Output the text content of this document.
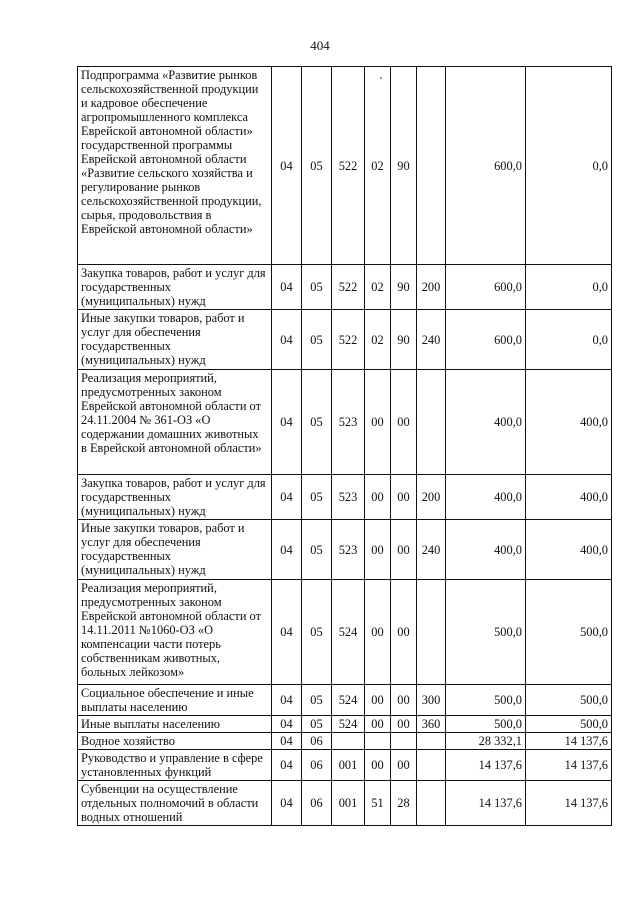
404
Подпрограмма «Развитие рынков сельскохозяйственной продукции и кадровое обеспечение агропромышленного комплекса Еврейской автономной области» государственной программы Еврейской автономной области «Развитие сельского хозяйства и регулирование рынков сельскохозяйственной продукции, сырья, продовольствия в Еврейской автономной области»	04	05	522	02	90		600,0	0,0
Закупка товаров, работ и услуг для государственных (муниципальных) нужд	04	05	522	02	90	200	600,0	0,0
Иные закупки товаров, работ и услуг для обеспечения государственных (муниципальных) нужд	04	05	522	02	90	240	600,0	0,0
Реализация мероприятий, предусмотренных законом Еврейской автономной области от 24.11.2004 № 361-ОЗ «О содержании домашних животных в Еврейской автономной области»	04	05	523	00	00		400,0	400,0
Закупка товаров, работ и услуг для государственных (муниципальных) нужд	04	05	523	00	00	200	400,0	400,0
Иные закупки товаров, работ и услуг для обеспечения государственных (муниципальных) нужд	04	05	523	00	00	240	400,0	400,0
Реализация мероприятий, предусмотренных законом Еврейской автономной области от 14.11.2011 №1060-ОЗ «О компенсации части потерь собственникам животных, больных лейкозом»	04	05	524	00	00		500,0	500,0
Социальное обеспечение и иные выплаты населению	04	05	524	00	00	300	500,0	500,0
Иные выплаты населению	04	05	524	00	00	360	500,0	500,0
Водное хозяйство	04	06					28 332,1	14 137,6
Руководство и управление в сфере установленных функций	04	06	001	00	00		14 137,6	14 137,6
Субвенции на осуществление отдельных полномочий в области водных отношений	04	06	001	51	28		14 137,6	14 137,6
